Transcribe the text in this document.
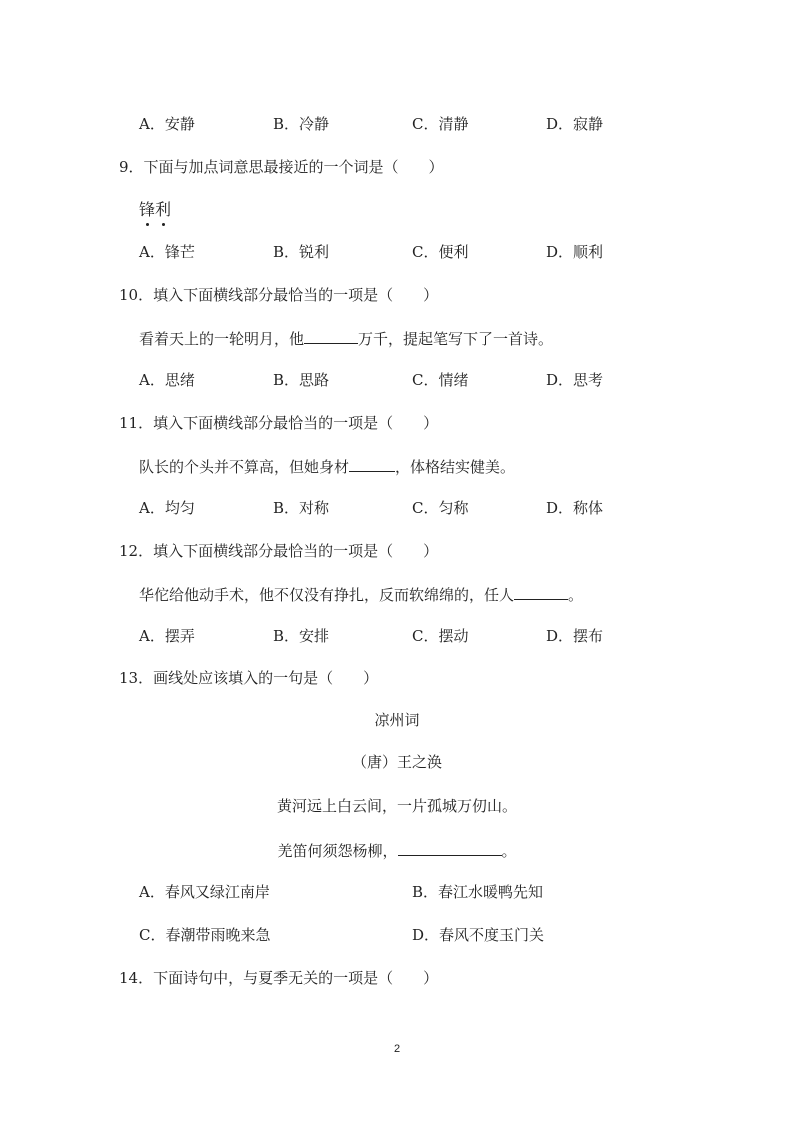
A．安静	B．冷静	C．清静	D．寂静
9．下面与加点词意思最接近的一个词是（　　）
锋利
A．锋芒	B．锐利	C．便利	D．顺利
10．填入下面横线部分最恰当的一项是（　　）
看着天上的一轮明月，他	万千，提起笔写下了一首诗。
A．思绪	B．思路	C．情绪	D．思考
11．填入下面横线部分最恰当的一项是（　　）
队长的个头并不算高，但她身材	，体格结实健美。
A．均匀	B．对称	C．匀称	D．称体
12．填入下面横线部分最恰当的一项是（　　）
华佗给他动手术，他不仅没有挣扎，反而软绵绵的，任人	。
A．摆弄	B．安排	C．摆动	D．摆布
13．画线处应该填入的一句是（　　）
凉州词
（唐）王之涣
黄河远上白云间，一片孤城万仞山。
羌笛何须怨杨柳，	。
A．春风又绿江南岸	B．春江水暖鸭先知
C．春潮带雨晚来急	D．春风不度玉门关
14．下面诗句中，与夏季无关的一项是（　　）
2
